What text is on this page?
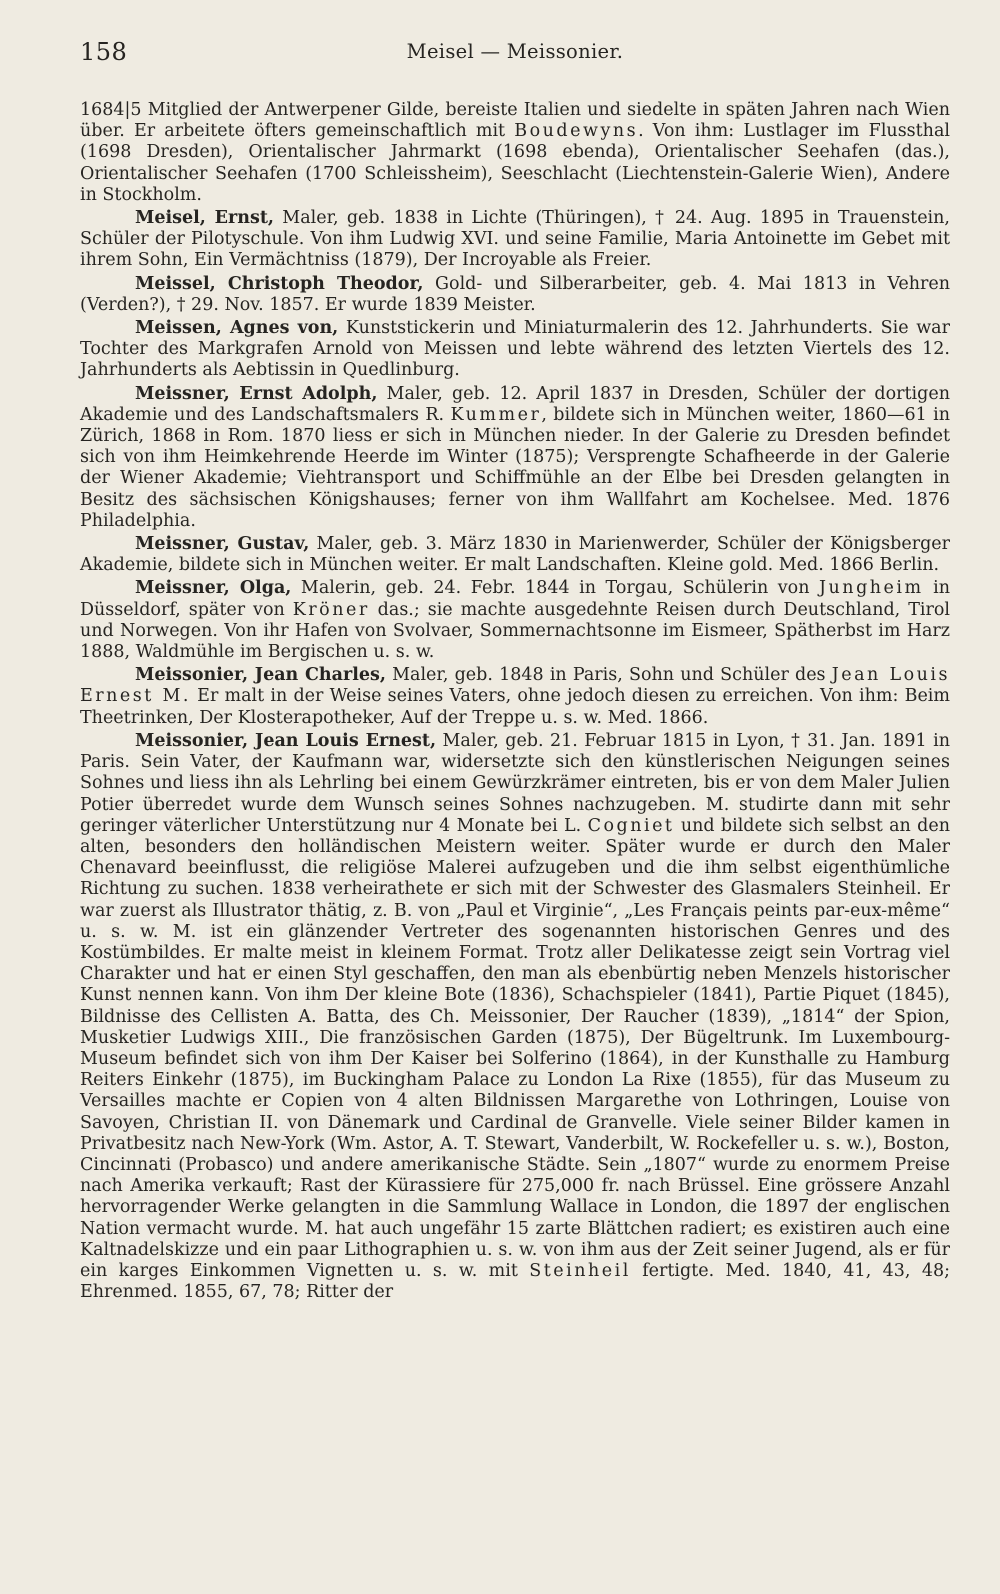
158	Meisel — Meissonier.

1684|5 Mitglied der Antwerpener Gilde, bereiste Italien und siedelte in späten Jahren nach Wien über. Er arbeitete öfters gemeinschaftlich mit Boudewyns. Von ihm: Lustlager im Flussthal (1698 Dresden), Orientalischer Jahrmarkt (1698 ebenda), Orientalischer Seehafen (das.), Orientalischer Seehafen (1700 Schleissheim), Seeschlacht (Liechtenstein-Galerie Wien), Andere in Stockholm.

Meisel, Ernst, Maler, geb. 1838 in Lichte (Thüringen), † 24. Aug. 1895 in Trauenstein, Schüler der Pilotyschule. Von ihm Ludwig XVI. und seine Familie, Maria Antoinette im Gebet mit ihrem Sohn, Ein Vermächtniss (1879), Der Incroyable als Freier.

Meissel, Christoph Theodor, Gold- und Silberarbeiter, geb. 4. Mai 1813 in Vehren (Verden?), † 29. Nov. 1857. Er wurde 1839 Meister.

Meissen, Agnes von, Kunststickerin und Miniaturmalerin des 12. Jahrhunderts. Sie war Tochter des Markgrafen Arnold von Meissen und lebte während des letzten Viertels des 12. Jahrhunderts als Aebtissin in Quedlinburg.

Meissner, Ernst Adolph, Maler, geb. 12. April 1837 in Dresden, Schüler der dortigen Akademie und des Landschaftsmalers R. Kummer, bildete sich in München weiter, 1860—61 in Zürich, 1868 in Rom. 1870 liess er sich in München nieder. In der Galerie zu Dresden befindet sich von ihm Heimkehrende Heerde im Winter (1875); Versprengte Schafheerde in der Galerie der Wiener Akademie; Viehtransport und Schiffmühle an der Elbe bei Dresden gelangten in Besitz des sächsischen Königshauses; ferner von ihm Wallfahrt am Kochelsee. Med. 1876 Philadelphia.

Meissner, Gustav, Maler, geb. 3. März 1830 in Marienwerder, Schüler der Königsberger Akademie, bildete sich in München weiter. Er malt Landschaften. Kleine gold. Med. 1866 Berlin.

Meissner, Olga, Malerin, geb. 24. Febr. 1844 in Torgau, Schülerin von Jungheim in Düsseldorf, später von Kröner das.; sie machte ausgedehnte Reisen durch Deutschland, Tirol und Norwegen. Von ihr Hafen von Svolvaer, Sommernachtsonne im Eismeer, Spätherbst im Harz 1888, Waldmühle im Bergischen u. s. w.

Meissonier, Jean Charles, Maler, geb. 1848 in Paris, Sohn und Schüler des Jean Louis Ernest M. Er malt in der Weise seines Vaters, ohne jedoch diesen zu erreichen. Von ihm: Beim Theetrinken, Der Klosterapotheker, Auf der Treppe u. s. w. Med. 1866.

Meissonier, Jean Louis Ernest, Maler, geb. 21. Februar 1815 in Lyon, † 31. Jan. 1891 in Paris. Sein Vater, der Kaufmann war, widersetzte sich den künstlerischen Neigungen seines Sohnes und liess ihn als Lehrling bei einem Gewürzkrämer eintreten, bis er von dem Maler Julien Potier überredet wurde dem Wunsch seines Sohnes nachzugeben. M. studirte dann mit sehr geringer väterlicher Unterstützung nur 4 Monate bei L. Cogniet und bildete sich selbst an den alten, besonders den holländischen Meistern weiter. Später wurde er durch den Maler Chenavard beeinflusst, die religiöse Malerei aufzugeben und die ihm selbst eigenthümliche Richtung zu suchen. 1838 verheirathete er sich mit der Schwester des Glasmalers Steinheil. Er war zuerst als Illustrator thätig, z. B. von „Paul et Virginie“, „Les Français peints par-eux-même“ u. s. w. M. ist ein glänzender Vertreter des sogenannten historischen Genres und des Kostümbildes. Er malte meist in kleinem Format. Trotz aller Delikatesse zeigt sein Vortrag viel Charakter und hat er einen Styl geschaffen, den man als ebenbürtig neben Menzels historischer Kunst nennen kann. Von ihm Der kleine Bote (1836), Schachspieler (1841), Partie Piquet (1845), Bildnisse des Cellisten A. Batta, des Ch. Meissonier, Der Raucher (1839), „1814“ der Spion, Musketier Ludwigs XIII., Die französischen Garden (1875), Der Bügeltrunk. Im Luxembourg-Museum befindet sich von ihm Der Kaiser bei Solferino (1864), in der Kunsthalle zu Hamburg Reiters Einkehr (1875), im Buckingham Palace zu London La Rixe (1855), für das Museum zu Versailles machte er Copien von 4 alten Bildnissen Margarethe von Lothringen, Louise von Savoyen, Christian II. von Dänemark und Cardinal de Granvelle. Viele seiner Bilder kamen in Privatbesitz nach New-York (Wm. Astor, A. T. Stewart, Vanderbilt, W. Rockefeller u. s. w.), Boston, Cincinnati (Probasco) und andere amerikanische Städte. Sein „1807“ wurde zu enormem Preise nach Amerika verkauft; Rast der Kürassiere für 275,000 fr. nach Brüssel. Eine grössere Anzahl hervorragender Werke gelangten in die Sammlung Wallace in London, die 1897 der englischen Nation vermacht wurde. M. hat auch ungefähr 15 zarte Blättchen radiert; es existiren auch eine Kaltnadelskizze und ein paar Lithographien u. s. w. von ihm aus der Zeit seiner Jugend, als er für ein karges Einkommen Vignetten u. s. w. mit Steinheil fertigte. Med. 1840, 41, 43, 48; Ehrenmed. 1855, 67, 78; Ritter der
